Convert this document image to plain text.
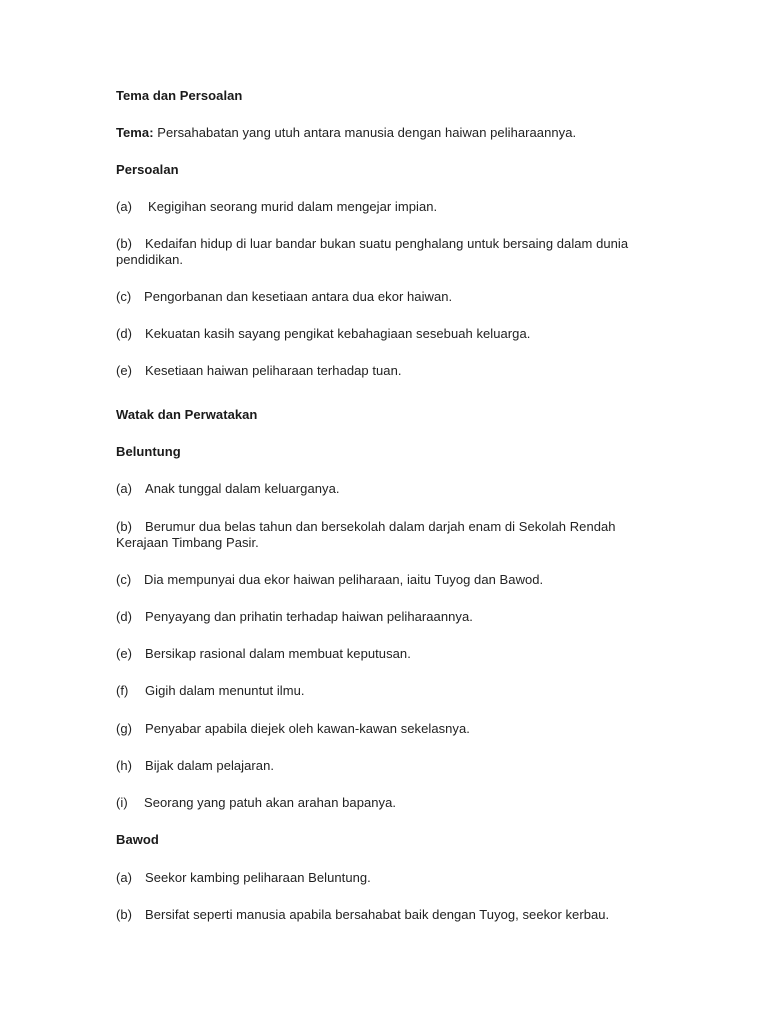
Tema dan Persoalan
Tema: Persahabatan yang utuh antara manusia dengan haiwan peliharaannya.
Persoalan
(a) Kegigihan seorang murid dalam mengejar impian.
(b) Kedaifan hidup di luar bandar bukan suatu penghalang untuk bersaing dalam dunia pendidikan.
(c) Pengorbanan dan kesetiaan antara dua ekor haiwan.
(d) Kekuatan kasih sayang pengikat kebahagiaan sesebuah keluarga.
(e) Kesetiaan haiwan peliharaan terhadap tuan.
Watak dan Perwatakan
Beluntung
(a) Anak tunggal dalam keluarganya.
(b) Berumur dua belas tahun dan bersekolah dalam darjah enam di Sekolah Rendah Kerajaan Timbang Pasir.
(c) Dia mempunyai dua ekor haiwan peliharaan, iaitu Tuyog dan Bawod.
(d) Penyayang dan prihatin terhadap haiwan peliharaannya.
(e) Bersikap rasional dalam membuat keputusan.
(f) Gigih dalam menuntut ilmu.
(g) Penyabar apabila diejek oleh kawan-kawan sekelasnya.
(h) Bijak dalam pelajaran.
(i) Seorang yang patuh akan arahan bapanya.
Bawod
(a) Seekor kambing peliharaan Beluntung.
(b) Bersifat seperti manusia apabila bersahabat baik dengan Tuyog, seekor kerbau.
